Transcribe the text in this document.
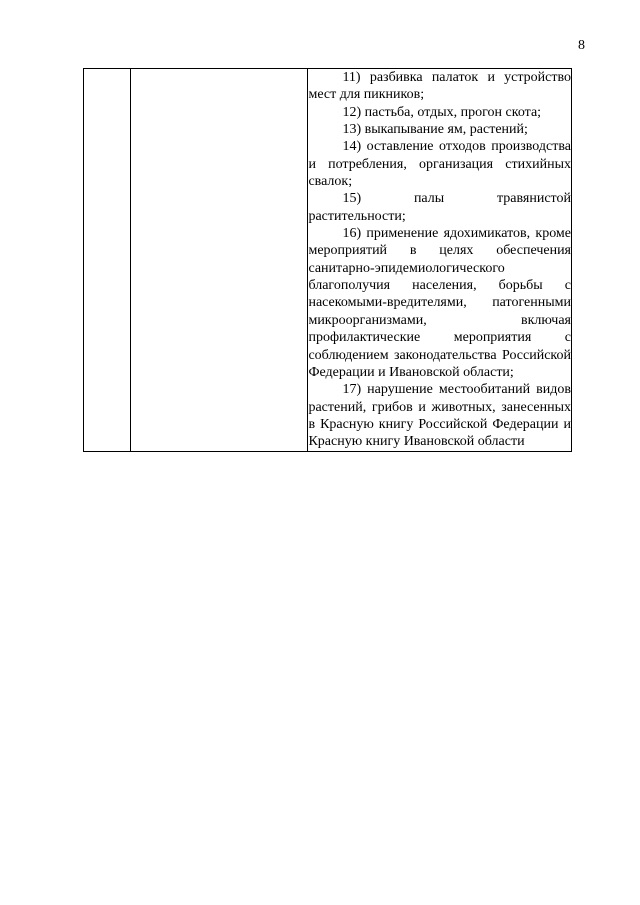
8

11) разбивка палаток и устройство мест для пикников;

12) пастьба, отдых, прогон скота;

13) выкапывание ям, растений;

14) оставление отходов производства и потребления, организация стихийных свалок;

15) палы травянистой растительности;

16) применение ядохимикатов, кроме мероприятий в целях обеспечения санитарно-эпидемиологического благополучия населения, борьбы с насекомыми-вредителями, патогенными микроорганизмами, включая профилактические мероприятия с соблюдением законодательства Российской Федерации и Ивановской области;

17) нарушение местообитаний видов растений, грибов и животных, занесенных в Красную книгу Российской Федерации и Красную книгу Ивановской области
